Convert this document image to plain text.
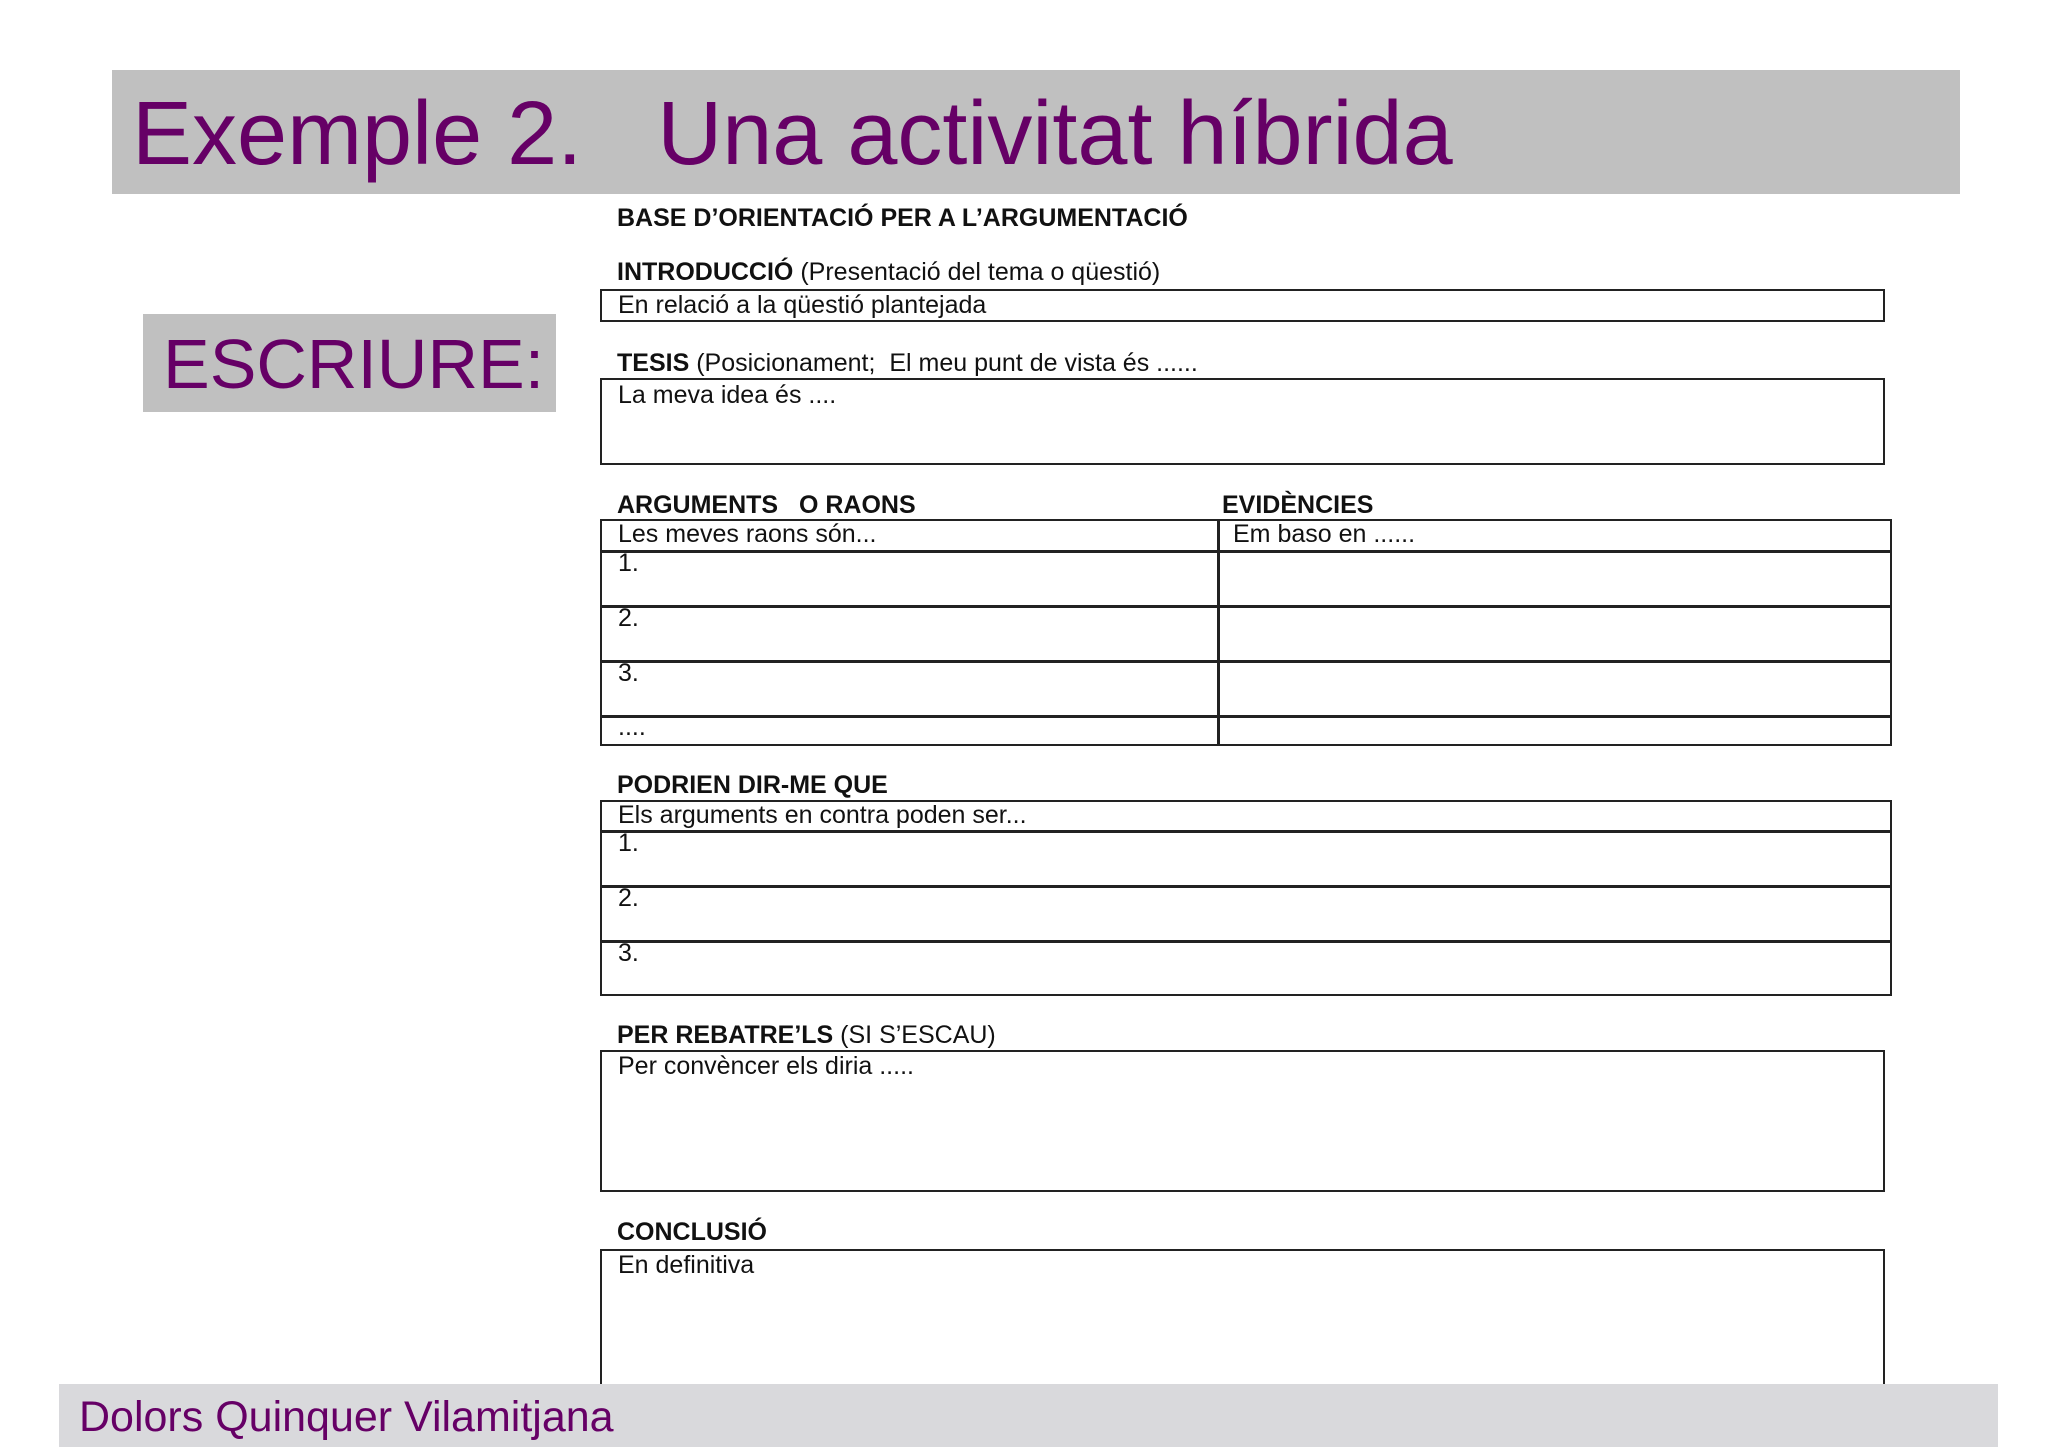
Exemple 2.   Una activitat híbrida
ESCRIURE:
BASE D’ORIENTACIÓ PER A L’ARGUMENTACIÓ
INTRODUCCIÓ (Presentació del tema o qüestió)
En relació a la qüestió plantejada
TESIS (Posicionament;  El meu punt de vista és ......
La meva idea és ....
ARGUMENTS   O RAONS	EVIDÈNCIES
Les meves raons són...	Em baso en ......
1.
2.
3.
....
PODRIEN DIR-ME QUE
Els arguments en contra poden ser...
1.
2.
3.
PER REBATRE’LS (SI S’ESCAU)
Per convèncer els diria .....
CONCLUSIÓ
En definitiva
Dolors Quinquer Vilamitjana
